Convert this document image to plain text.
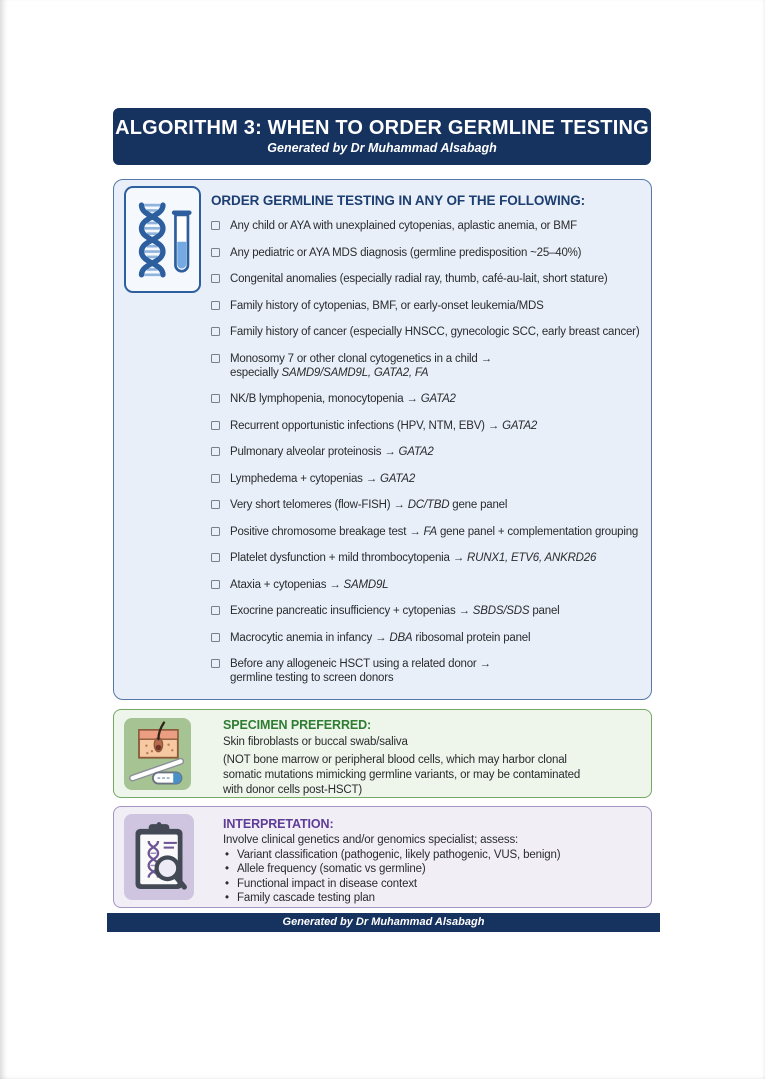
ALGORITHM 3: WHEN TO ORDER GERMLINE TESTING
Generated by Dr Muhammad Alsabagh
ORDER GERMLINE TESTING IN ANY OF THE FOLLOWING:
Any child or AYA with unexplained cytopenias, aplastic anemia, or BMF
Any pediatric or AYA MDS diagnosis (germline predisposition ~25–40%)
Congenital anomalies (especially radial ray, thumb, café-au-lait, short stature)
Family history of cytopenias, BMF, or early-onset leukemia/MDS
Family history of cancer (especially HNSCC, gynecologic SCC, early breast cancer)
Monosomy 7 or other clonal cytogenetics in a child →
especially SAMD9/SAMD9L, GATA2, FA
NK/B lymphopenia, monocytopenia → GATA2
Recurrent opportunistic infections (HPV, NTM, EBV) → GATA2
Pulmonary alveolar proteinosis → GATA2
Lymphedema + cytopenias → GATA2
Very short telomeres (flow-FISH) → DC/TBD gene panel
Positive chromosome breakage test → FA gene panel + complementation grouping
Platelet dysfunction + mild thrombocytopenia → RUNX1, ETV6, ANKRD26
Ataxia + cytopenias → SAMD9L
Exocrine pancreatic insufficiency + cytopenias → SBDS/SDS panel
Macrocytic anemia in infancy → DBA ribosomal protein panel
Before any allogeneic HSCT using a related donor →
germline testing to screen donors
SPECIMEN PREFERRED:
Skin fibroblasts or buccal swab/saliva
(NOT bone marrow or peripheral blood cells, which may harbor clonal somatic mutations mimicking germline variants, or may be contaminated with donor cells post-HSCT)
INTERPRETATION:
Involve clinical genetics and/or genomics specialist; assess:
• Variant classification (pathogenic, likely pathogenic, VUS, benign)
• Allele frequency (somatic vs germline)
• Functional impact in disease context
• Family cascade testing plan
Generated by Dr Muhammad Alsabagh
